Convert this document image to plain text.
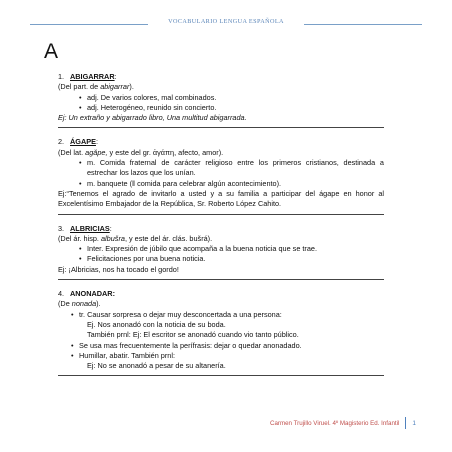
VOCABULARIO LENGUA ESPAÑOLA
A

1. ABIGARRAR:

(Del part. de abigarrar).

• adj. De varios colores, mal combinados.
• adj. Heterogéneo, reunido sin concierto.

Ej: Un extraño y abigarrado libro, Una multitud abigarrada.

2. ÁGAPE:

(Del lat. agăpe, y este del gr. ἀγάπη, afecto, amor).

• m. Comida fraternal de carácter religioso entre los primeros cristianos, destinada a estrechar los lazos que los unían.
• m. banquete (‖ comida para celebrar algún acontecimiento).

Ej:“Tenemos el agrado de invitarlo a usted y a su familia a participar del ágape en honor al Excelentísimo Embajador de la República, Sr. Roberto López Cahito.

3. ALBRICIAS:

(Del ár. hisp. albušra, y este del ár. clás. bušrá).

• Inter. Expresión de júbilo que acompaña a la buena noticia que se trae.
• Felicitaciones por una buena noticia.

Ej: ¡Albricias, nos ha tocado el gordo!

4. ANONADAR:

(De nonada).

• tr. Causar sorpresa o dejar muy desconcertada a una persona:

Ej. Nos anonadó con la noticia de su boda.

También prnl: Ej: El escritor se anonadó cuando vio tanto público.

• Se usa mas frecuentemente la perífrasis: dejar o quedar anonadado.
• Humillar, abatir. También prnl:

Ej: No se anonadó a pesar de su altanería.

Carmen Trujillo Viruel. 4º Magisterio Ed. Infantil 1
